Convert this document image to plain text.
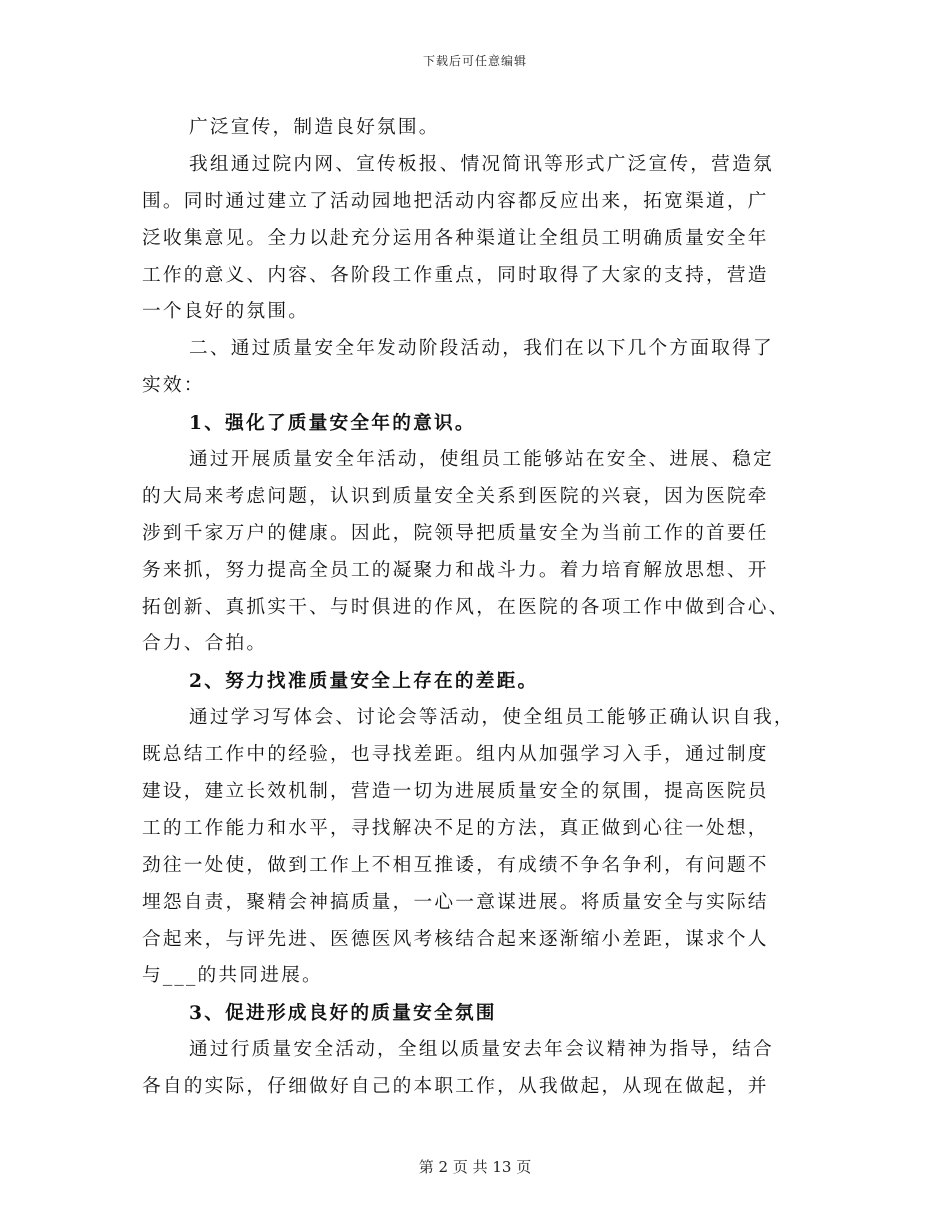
下载后可任意编辑
广泛宣传，制造良好氛围。
我组通过院内网、宣传板报、情况简讯等形式广泛宣传，营造氛
围。同时通过建立了活动园地把活动内容都反应出来，拓宽渠道，广
泛收集意见。全力以赴充分运用各种渠道让全组员工明确质量安全年
工作的意义、内容、各阶段工作重点，同时取得了大家的支持，营造
一个良好的氛围。
二、通过质量安全年发动阶段活动，我们在以下几个方面取得了
实效：
1、强化了质量安全年的意识。
通过开展质量安全年活动，使组员工能够站在安全、进展、稳定
的大局来考虑问题，认识到质量安全关系到医院的兴衰，因为医院牵
涉到千家万户的健康。因此，院领导把质量安全为当前工作的首要任
务来抓，努力提高全员工的凝聚力和战斗力。着力培育解放思想、开
拓创新、真抓实干、与时俱进的作风，在医院的各项工作中做到合心、
合力、合拍。
2、努力找准质量安全上存在的差距。
通过学习写体会、讨论会等活动，使全组员工能够正确认识自我，
既总结工作中的经验，也寻找差距。组内从加强学习入手，通过制度
建设，建立长效机制，营造一切为进展质量安全的氛围，提高医院员
工的工作能力和水平，寻找解决不足的方法，真正做到心往一处想，
劲往一处使，做到工作上不相互推诿，有成绩不争名争利，有问题不
埋怨自责，聚精会神搞质量，一心一意谋进展。将质量安全与实际结
合起来，与评先进、医德医风考核结合起来逐渐缩小差距，谋求个人
与___的共同进展。
3、促进形成良好的质量安全氛围
通过行质量安全活动，全组以质量安去年会议精神为指导，结合
各自的实际，仔细做好自己的本职工作，从我做起，从现在做起，并
第 2 页 共 13 页
